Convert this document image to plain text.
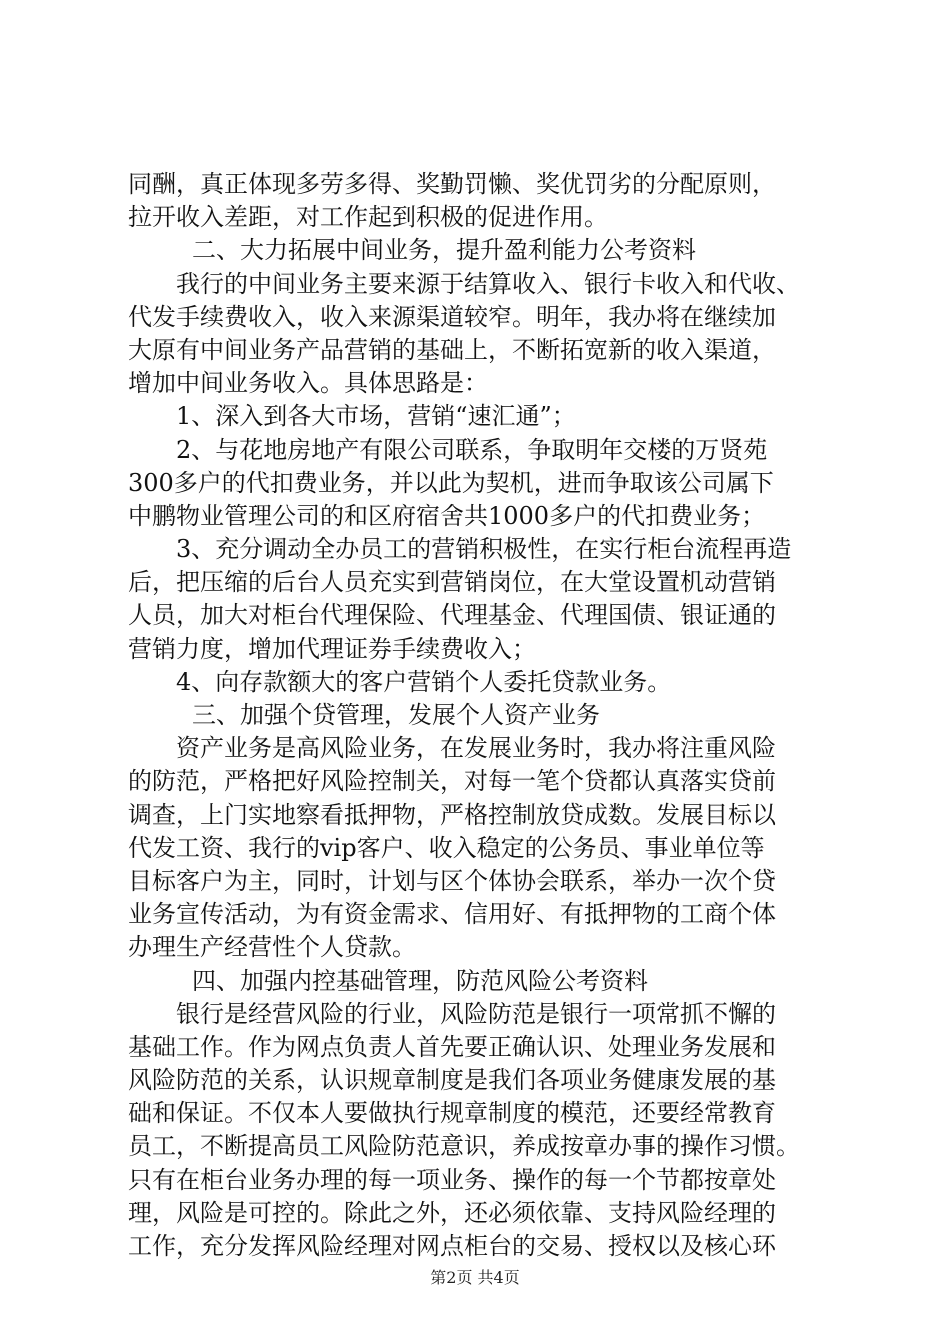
同酬，真正体现多劳多得、奖勤罚懒、奖优罚劣的分配原则，
拉开收入差距，对工作起到积极的促进作用。
二、大力拓展中间业务，提升盈利能力公考资料
我行的中间业务主要来源于结算收入、银行卡收入和代收、
代发手续费收入，收入来源渠道较窄。明年，我办将在继续加
大原有中间业务产品营销的基础上，不断拓宽新的收入渠道，
增加中间业务收入。具体思路是：
1、深入到各大市场，营销“速汇通”；
2、与花地房地产有限公司联系，争取明年交楼的万贤苑
300多户的代扣费业务，并以此为契机，进而争取该公司属下
中鹏物业管理公司的和区府宿舍共1000多户的代扣费业务；
3、充分调动全办员工的营销积极性，在实行柜台流程再造
后，把压缩的后台人员充实到营销岗位，在大堂设置机动营销
人员，加大对柜台代理保险、代理基金、代理国债、银证通的
营销力度，增加代理证券手续费收入；
4、向存款额大的客户营销个人委托贷款业务。
三、加强个贷管理，发展个人资产业务
资产业务是高风险业务，在发展业务时，我办将注重风险
的防范，严格把好风险控制关，对每一笔个贷都认真落实贷前
调查，上门实地察看抵押物，严格控制放贷成数。发展目标以
代发工资、我行的vip客户、收入稳定的公务员、事业单位等
目标客户为主，同时，计划与区个体协会联系，举办一次个贷
业务宣传活动，为有资金需求、信用好、有抵押物的工商个体
办理生产经营性个人贷款。
四、加强内控基础管理，防范风险公考资料
银行是经营风险的行业，风险防范是银行一项常抓不懈的
基础工作。作为网点负责人首先要正确认识、处理业务发展和
风险防范的关系，认识规章制度是我们各项业务健康发展的基
础和保证。不仅本人要做执行规章制度的模范，还要经常教育
员工，不断提高员工风险防范意识，养成按章办事的操作习惯。
只有在柜台业务办理的每一项业务、操作的每一个节都按章处
理，风险是可控的。除此之外，还必须依靠、支持风险经理的
工作，充分发挥风险经理对网点柜台的交易、授权以及核心环
第2页 共4页
